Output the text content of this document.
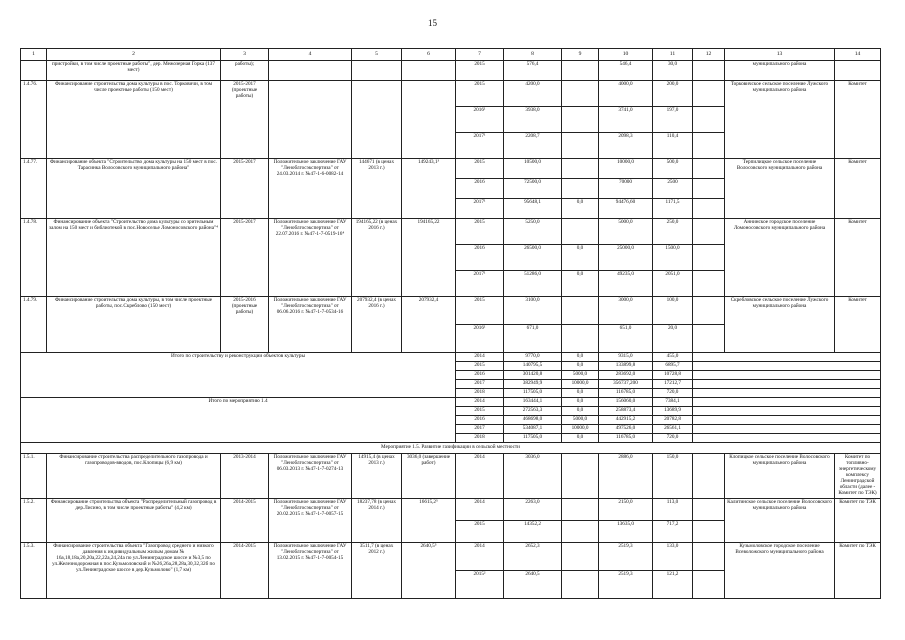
15
1	2	3	4	5	6	7	8	9	10	11	12	13	14
	пристройки, в том числе проектные работы", дер. Межозерная Горка (137 мест)	работы);				2015	576,4		546,4	30,0		муниципального района	
1.4.76.	Финансирование строительства дома культуры в пос. Торковичи, в том числе проектные работы (150 мест)	2015-2017 (проектные работы)				2015	4200,0		4000,0	200,0		Торковичское сельское поселение Лужского муниципального района	Комитет
						2016¹	3938,0		3741,0	197,0			
						2017¹	2208,7		2098,3	110,4			
1.4.77.	Финансирование объекта "Строительство дома культуры на 150 мест в пос. Тарасинка Волосовского муниципального района"	2015-2017	Положительное заключение ГАУ "Леноблгосэкспертиза" от 24.03.2014 г. №47-1-6-0082-14	144671 (в ценах 2013 г.)	149243,1³	2015	10500,0		10000,0	500,0		Терпилицкое сельское поселение Волосовского муниципального района	Комитет
						2016	72500,0		70000	2500			
						2017¹	95648,1	0,0	94476,60	1171,5			
1.4.78.	Финансирование объекта "Строительство дома культуры со зрительным залом на 150 мест и библиотекой в пос.Новоселье Ломоносовского района"⁴	2015-2017	Положительное заключение ГАУ "Леноблгосэкспертиза" от 22.07.2016 г. №47-1-7-0519-16⁴	194165,22 (в ценах 2016 г.)	194165,22	2015	5250,0		5000,0	250,0		Аннинское городское поселение Ломоносовского муниципального района	Комитет
						2016	26500,0	0,0	25000,0	1500,0			
						2017¹	51286,0	0,0	49235,0	2051,0			
1.4.79.	Финансирование строительства дома культуры, в том числе проектные работы, пос.Скреблово (150 мест)	2015-2016 (проектные работы)	Положительное заключение ГАУ "Леноблгосэкспертиза" от 06.06.2016 г. №47-1-7-0534-16	207932,4 (в ценах 2016 г.)	207932,4	2015	3100,0		3000,0	100,0		Скребловское сельское поселение Лужского муниципального района	Комитет
						2016¹	671,0		651,0	20,0			
Итого по строительству и реконструкции объектов культуры						2014	9770,0	0,0	9315,0	455,0			
						2015	140795,5	0,0	133899,8	6895,7			
						2016	301420,8	5000,0	283692,0	10728,8			
						2017	382949,9	10000,0	356737,200	17212,7			
						2018	117505,0	0,0	116785,0	720,0			
Итого по мероприятию 1.4						2014	163444,1	0,0	156060,0	7384,1			
						2015	272563,3	0,0	258873,4	13689,9			
						2016	468698,0	5000,0	442915,2	20782,8			
						2017	534087,1	10000,0	497526,0	26561,1			
						2018	117505,0	0,0	116785,0	720,0			
Мероприятие 1.5. Развитие газификации в сельской местности													
1.5.1.	Финансирование строительства распределительного газопровода и газопроводов-вводов, пос.Клопицы (6,9 км)	2013-2014	Положительное заключение ГАУ "Леноблгосэкспертиза" от 06.03.2013 г. №47-1-7-0274-13	14915,4 (в ценах 2013 г.)	3036,0 (завершение работ)	2014	3036,0		2886,0	150,0		Клопицкое сельское поселение Волосовского муниципального района	Комитет по топливно-энергетическому комплексу Ленинградской области (далее - Комитет по ТЭК)
1.5.2.	Финансирование строительства объекта "Распределительный газопровод в дер.Лисино, в том числе проектные работы" (4,2 км)	2014-2015	Положительное заключение ГАУ "Леноблгосэкспертиза" от 20.02.2015 г. №47-1-7-0057-15	18237,78 (в ценах 2014 г.)	16615,2⁵	2014	2263,0		2150,0	113,0		Калитинское сельское поселение Волосовского муниципального района	Комитет по ТЭК
						2015	14352,2		13635,0	717,2			
1.5.3.	Финансирование строительства объекта "Газопровод среднего и низкого давления к индивидуальным жилым домам № 16а,18,18а,20,20а,22,22а,24,24а по ул.Ленинградское шоссе и №3,5 по ул.Железнодорожная в пос.Кузьмоловский и №26,26а,28,28а,30,32,32б по ул.Ленинградское шоссе в дер.Кузьмолово" (1,7 км)	2014-2015	Положительное заключение ГАУ "Леноблгосэкспертиза" от 13.02.2015 г. №47-1-7-0054-15	3511,7 (в ценах 2012 г.)	2640,5⁵	2014	2652,3		2519,3	133,0		Кузьмоловское городское поселение Всеволожского муниципального района	Комитет по ТЭК
						2015²	2640,5		2519,3	121,2			
